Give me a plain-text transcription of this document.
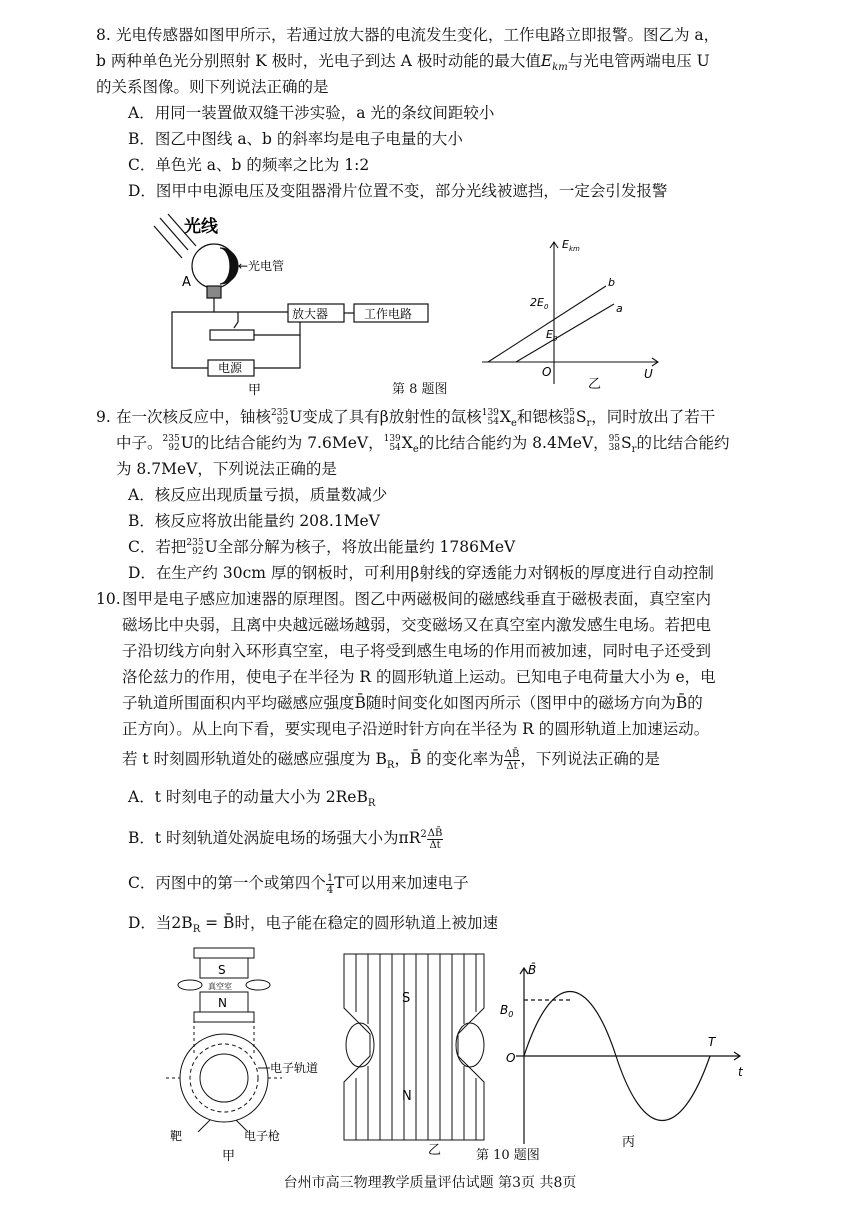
8. 光电传感器如图甲所示，若通过放大器的电流发生变化，工作电路立即报警。图乙为 a，
b 两种单色光分别照射 K 极时，光电子到达 A 极时动能的最大值$E_{km}$与光电管两端电压 U
的关系图像。则下列说法正确的是
A．用同一装置做双缝干涉实验，a 光的条纹间距较小
B．图乙中图线 a、b 的斜率均是电子电量的大小
C．单色光 a、b 的频率之比为 1:2
D．图甲中电源电压及变阻器滑片位置不变，部分光线被遮挡，一定会引发报警
光线
A
K ←光电管
放大器	工作电路
电源
甲	第 8 题图
$E_{km}$
$2E_0$
$E_0$
O	U
b
a
乙
9. 在一次核反应中，铀核 235
92 U变成了具有β放射性的氙核 139
54 $X_e$和锶核 95
38 $S_r$，同时放出了若干
中子。 235
92 U的比结合能约为 7.6MeV， 139
54 $X_e$的比结合能约为 8.4MeV， 95
38 $S_r$的比结合能约
为 8.7MeV，下列说法正确的是
A．核反应出现质量亏损，质量数减少
B．核反应将放出能量约 208.1MeV
C．若把 235
92 U全部分解为核子，将放出能量约 1786MeV
D．在生产约 30cm 厚的钢板时，可利用β射线的穿透能力对钢板的厚度进行自动控制
10. 图甲是电子感应加速器的原理图。图乙中两磁极间的磁感线垂直于磁极表面，真空室内
磁场比中央弱，且离中央越远磁场越弱，交变磁场又在真空室内激发感生电场。若把电
子沿切线方向射入环形真空室，电子将受到感生电场的作用而被加速，同时电子还受到
洛伦兹力的作用，使电子在半径为 R 的圆形轨道上运动。已知电子电荷量大小为 e，电
子轨道所围面积内平均磁感应强度B̄随时间变化如图丙所示（图甲中的磁场方向为B̄的
正方向）。从上向下看，要实现电子沿逆时针方向在半径为 R 的圆形轨道上加速运动。
若 t 时刻圆形轨道处的磁感应强度为 $B_R$，B̄ 的变化率为 $\frac{\Delta B̄}{\Delta t}$ ，下列说法正确的是
A．t 时刻电子的动量大小为 2ReB$_R$
B．t 时刻轨道处涡旋电场的场强大小为$\pi R^2 \frac{\Delta B̄}{\Delta t}$
C．丙图中的第一个或第四个 $\frac{1}{4}$ T可以用来加速电子
D．当$2B_R$ = B̄时，电子能在稳定的圆形轨道上被加速
S
N
真空室
电子轨道
靶	电子枪
甲
S
N
乙	第 10 题图
B̄
$B_0$
O
T
t
丙
台州市高三物理教学质量评估试题 第3页 共8页
